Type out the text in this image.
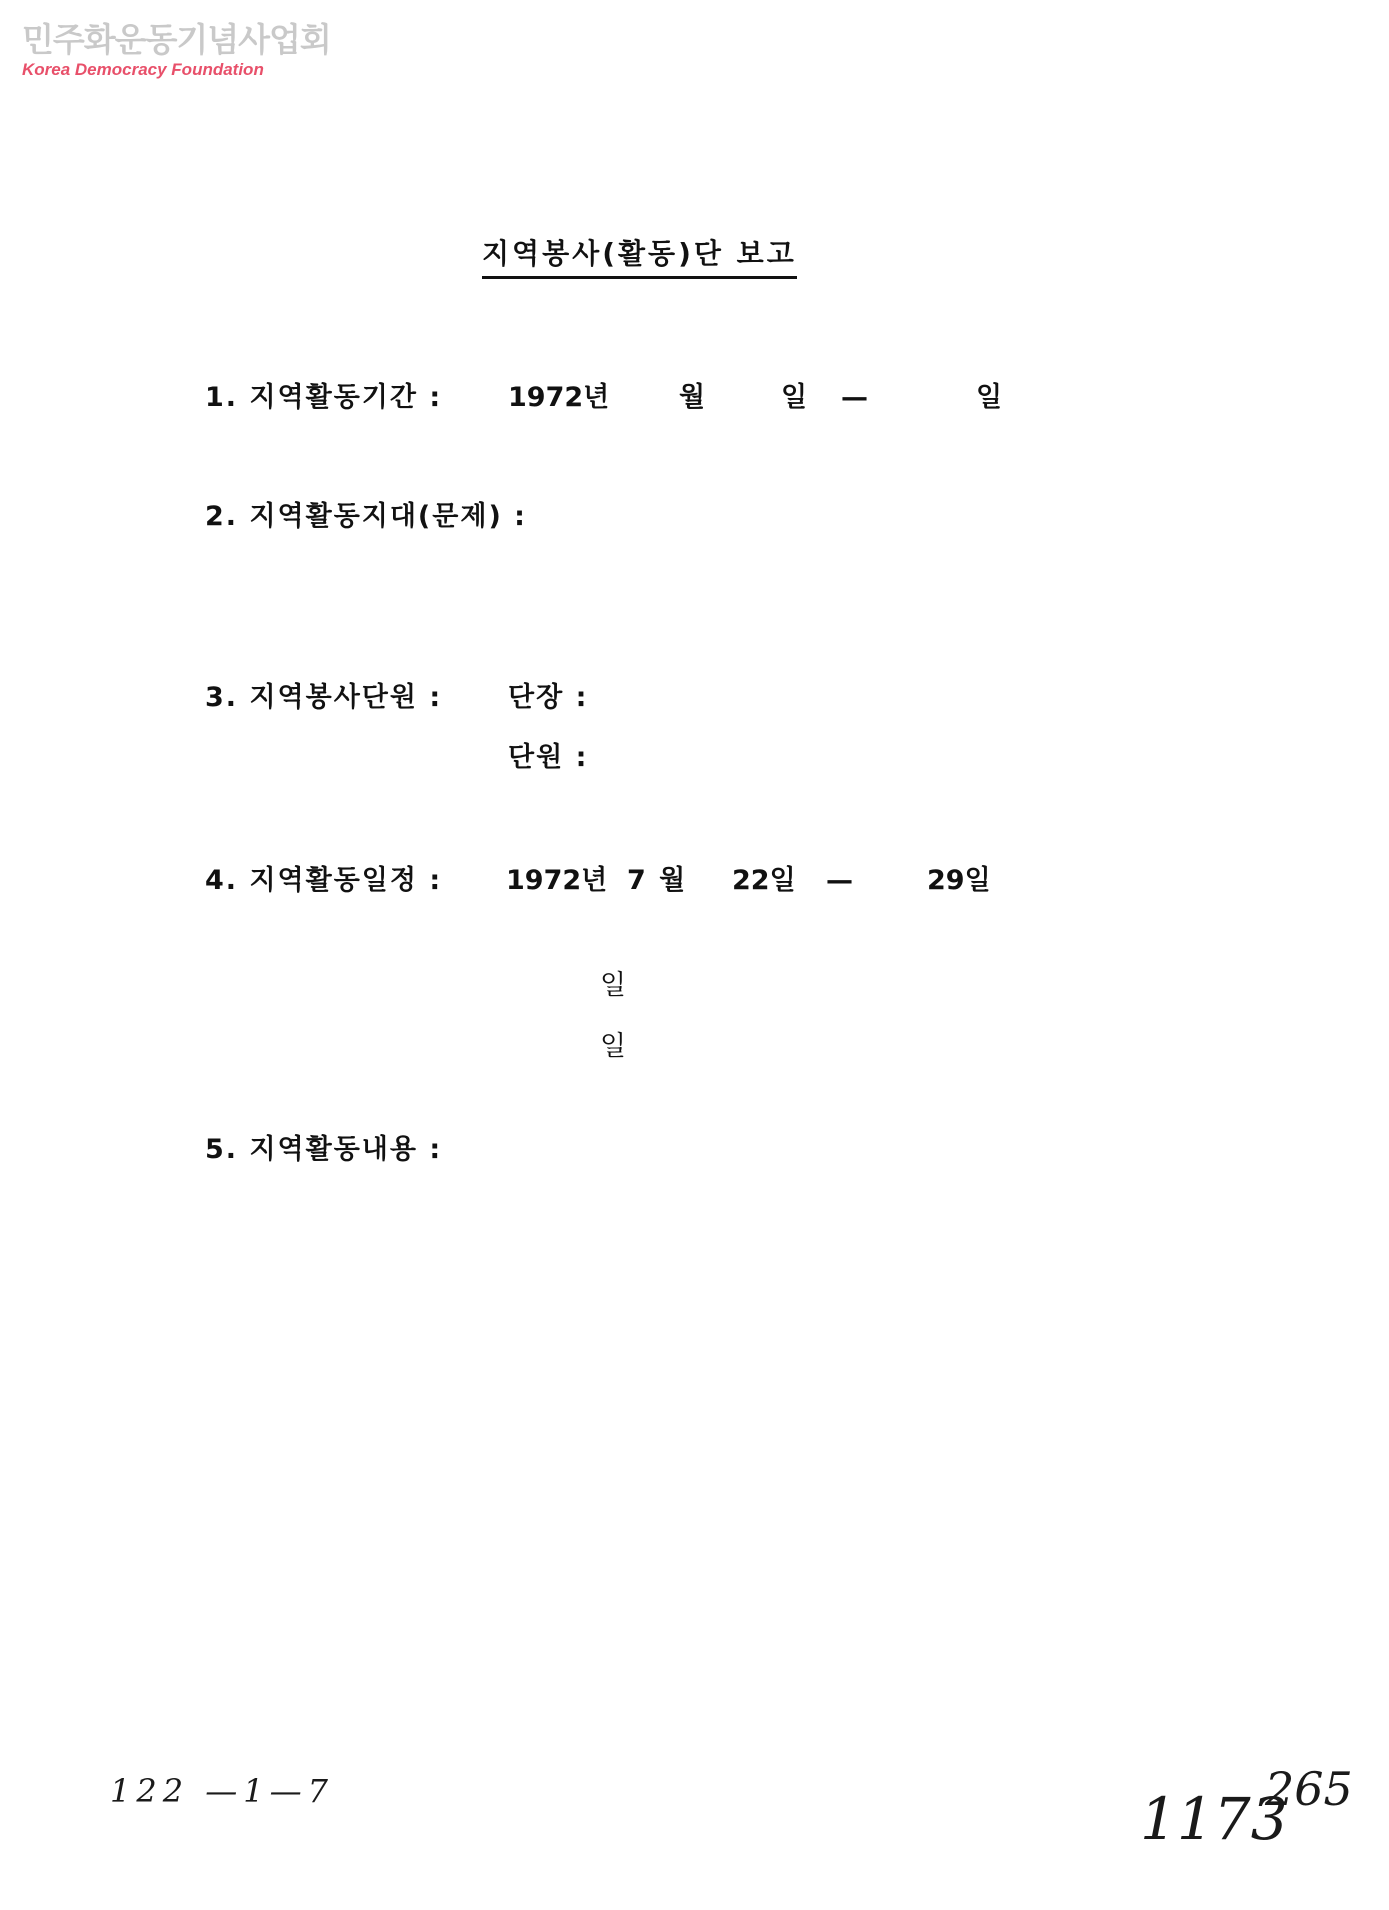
민주화운동기념사업회
Korea Democracy Foundation
지역봉사(활동)단 보고
1. 지역활동기간 : 1972년	월	일 —	일
2. 지역활동지대(문제) :
3. 지역봉사단원 : 단장 :
단원 :
4. 지역활동일정 : 1972년 7 월 22일 —	29일
일
일
5. 지역활동내용 :
122 —1—7	1173
265
